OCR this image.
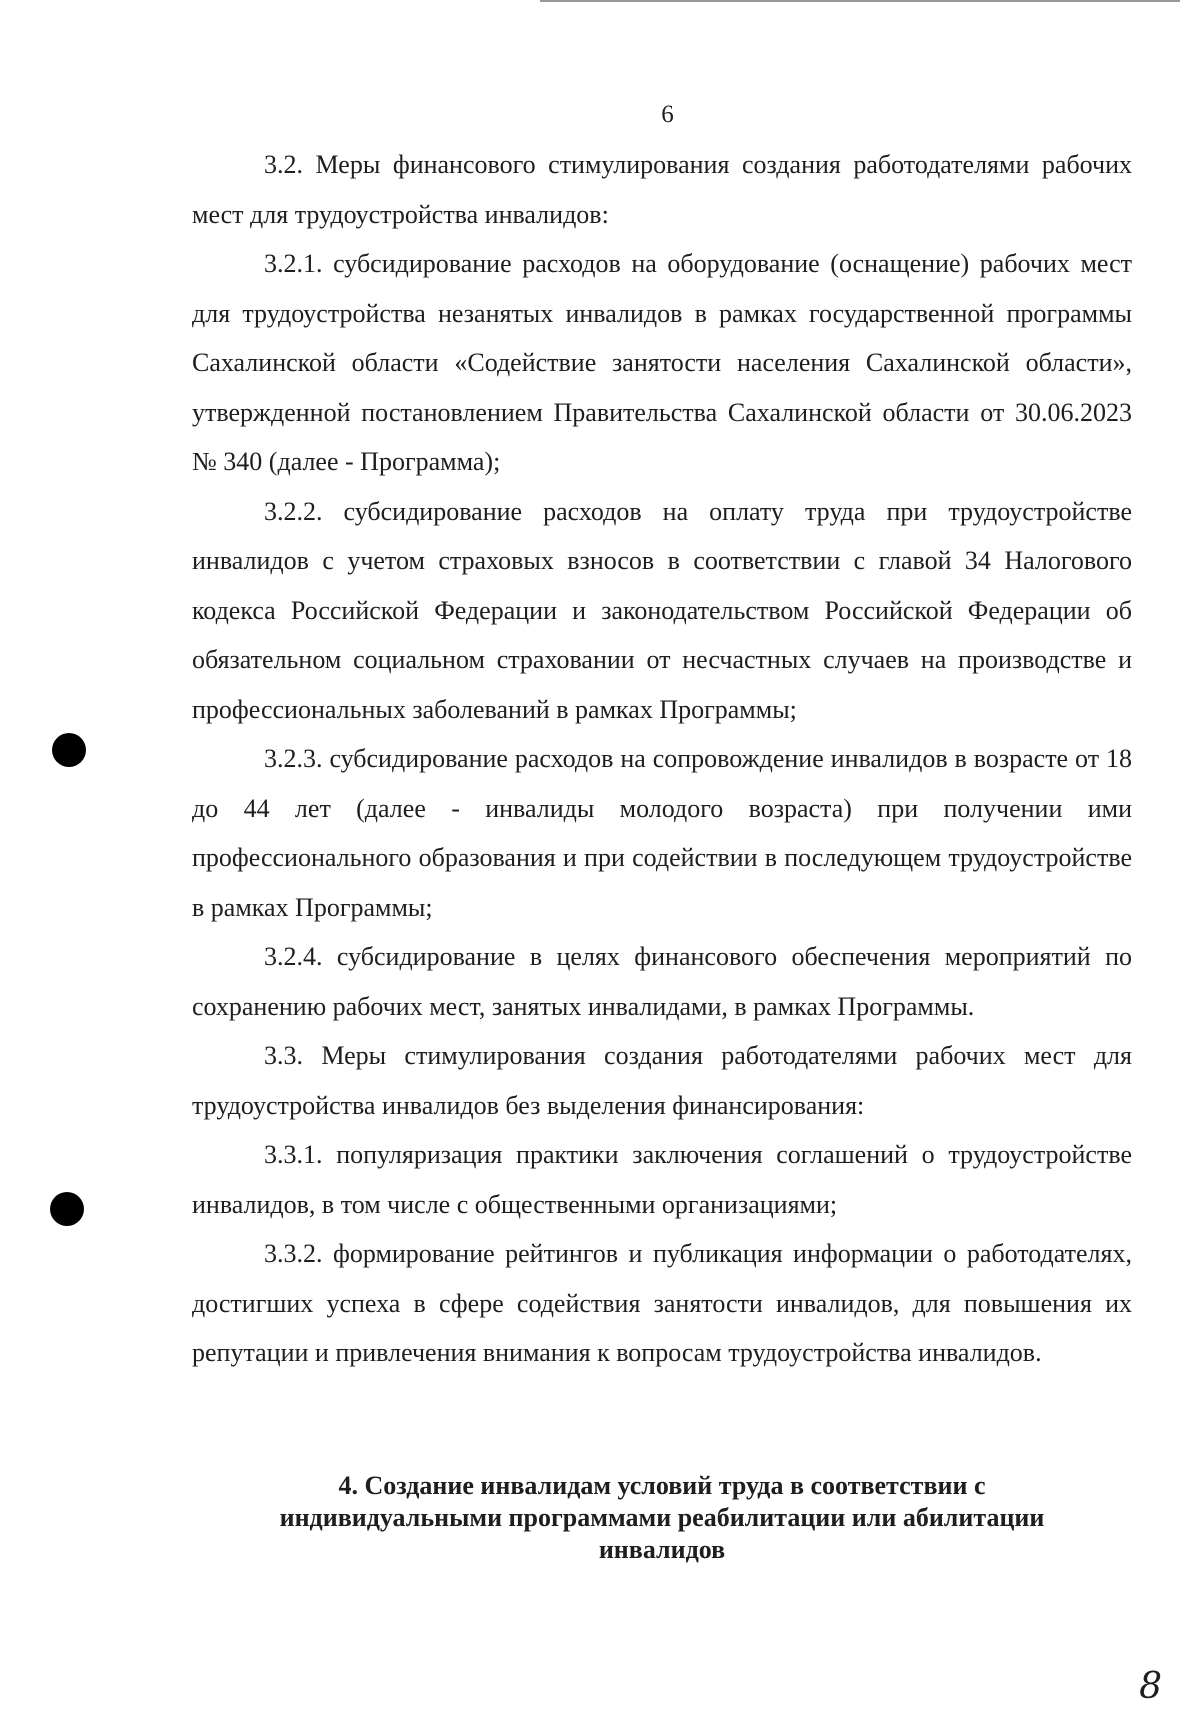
6

3.2. Меры финансового стимулирования создания работодателями рабочих мест для трудоустройства инвалидов:

3.2.1. субсидирование расходов на оборудование (оснащение) рабочих мест для трудоустройства незанятых инвалидов в рамках государственной программы Сахалинской области «Содействие занятости населения Сахалинской области», утвержденной постановлением Правительства Сахалинской области от 30.06.2023 № 340 (далее - Программа);

3.2.2. субсидирование расходов на оплату труда при трудоустройстве инвалидов с учетом страховых взносов в соответствии с главой 34 Налогового кодекса Российской Федерации и законодательством Российской Федерации об обязательном социальном страховании от несчастных случаев на производстве и профессиональных заболеваний в рамках Программы;

3.2.3. субсидирование расходов на сопровождение инвалидов в возрасте от 18 до 44 лет (далее - инвалиды молодого возраста) при получении ими профессионального образования и при содействии в последующем трудоустройстве в рамках Программы;

3.2.4. субсидирование в целях финансового обеспечения мероприятий по сохранению рабочих мест, занятых инвалидами, в рамках Программы.

3.3. Меры стимулирования создания работодателями рабочих мест для трудоустройства инвалидов без выделения финансирования:

3.3.1. популяризация практики заключения соглашений о трудоустройстве инвалидов, в том числе с общественными организациями;

3.3.2. формирование рейтингов и публикация информации о работодателях, достигших успеха в сфере содействия занятости инвалидов, для повышения их репутации и привлечения внимания к вопросам трудоустройства инвалидов.

4. Создание инвалидам условий труда в соответствии с
индивидуальными программами реабилитации или абилитации
инвалидов
8
